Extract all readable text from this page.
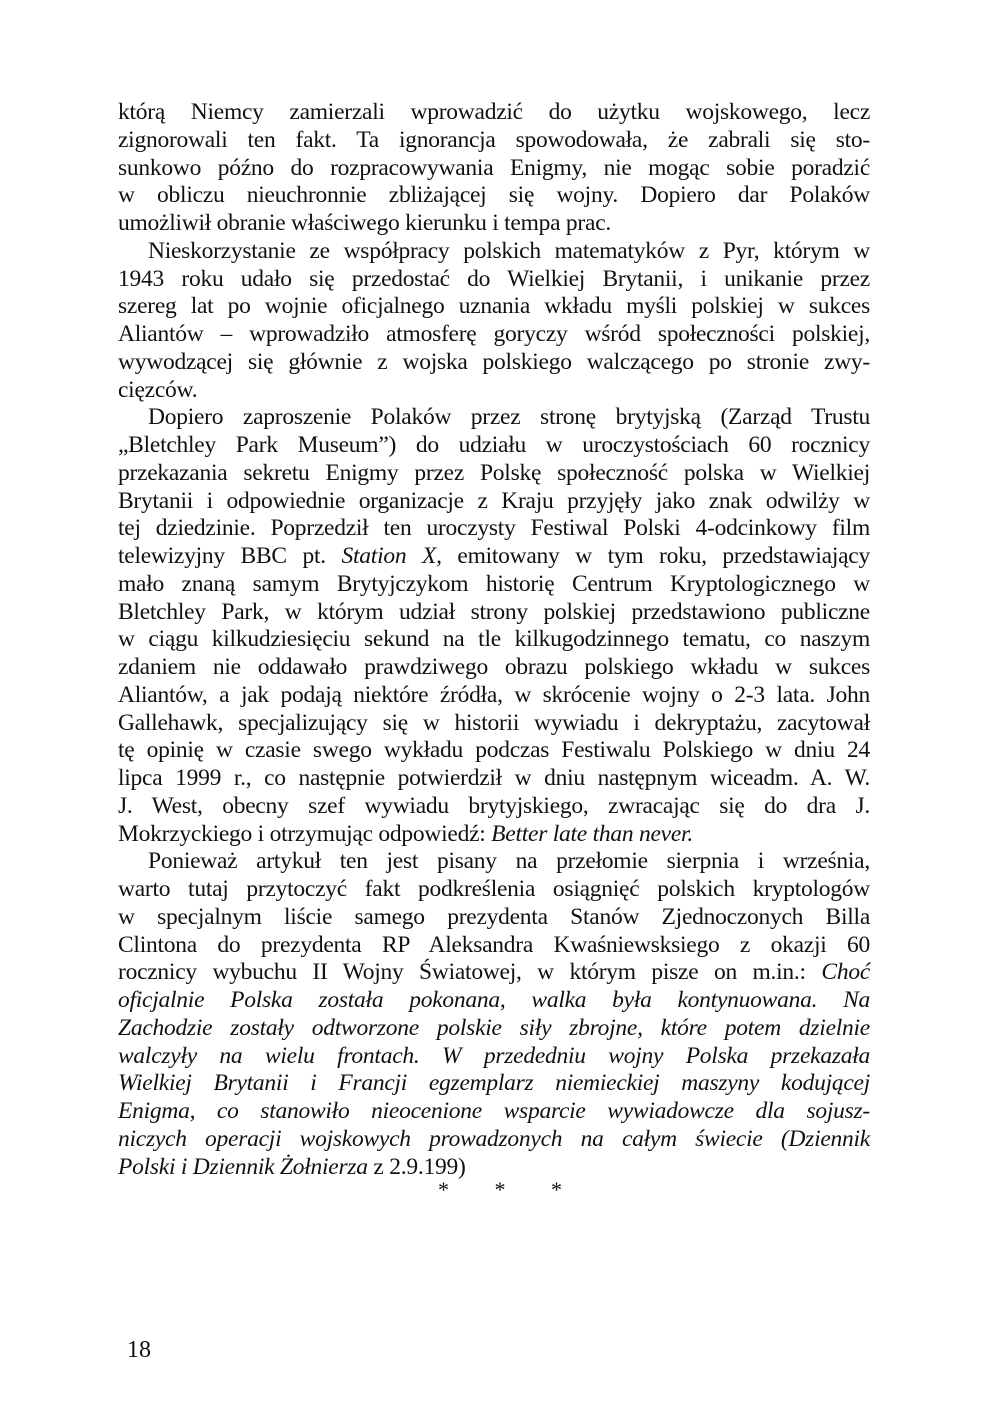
którą Niemcy zamierzali wprowadzić do użytku wojskowego, lecz
zignorowali ten fakt. Ta ignorancja spowodowała, że zabrali się sto-
sunkowo późno do rozpracowywania Enigmy, nie mogąc sobie poradzić
w obliczu nieuchronnie zbliżającej się wojny. Dopiero dar Polaków
umożliwił obranie właściwego kierunku i tempa prac.
Nieskorzystanie ze współpracy polskich matematyków z Pyr, którym w
1943 roku udało się przedostać do Wielkiej Brytanii, i unikanie przez
szereg lat po wojnie oficjalnego uznania wkładu myśli polskiej w sukces
Aliantów – wprowadziło atmosferę goryczy wśród społeczności polskiej,
wywodzącej się głównie z wojska polskiego walczącego po stronie zwy-
cięzców.
Dopiero zaproszenie Polaków przez stronę brytyjską (Zarząd Trustu
„Bletchley Park Museum”) do udziału w uroczystościach 60 rocznicy
przekazania sekretu Enigmy przez Polskę społeczność polska w Wielkiej
Brytanii i odpowiednie organizacje z Kraju przyjęły jako znak odwilży w
tej dziedzinie. Poprzedził ten uroczysty Festiwal Polski 4-odcinkowy film
telewizyjny BBC pt. Station X, emitowany w tym roku, przedstawiający
mało znaną samym Brytyjczykom historię Centrum Kryptologicznego w
Bletchley Park, w którym udział strony polskiej przedstawiono publiczne
w ciągu kilkudziesięciu sekund na tle kilkugodzinnego tematu, co naszym
zdaniem nie oddawało prawdziwego obrazu polskiego wkładu w sukces
Aliantów, a jak podają niektóre źródła, w skrócenie wojny o 2-3 lata. John
Gallehawk, specjalizujący się w historii wywiadu i dekryptażu, zacytował
tę opinię w czasie swego wykładu podczas Festiwalu Polskiego w dniu 24
lipca 1999 r., co następnie potwierdził w dniu następnym wiceadm. A. W.
J. West, obecny szef wywiadu brytyjskiego, zwracając się do dra J.
Mokrzyckiego i otrzymując odpowiedź: Better late than never.
Ponieważ artykuł ten jest pisany na przełomie sierpnia i września,
warto tutaj przytoczyć fakt podkreślenia osiągnięć polskich kryptologów
w specjalnym liście samego prezydenta Stanów Zjednoczonych Billa
Clintona do prezydenta RP Aleksandra Kwaśniewsksiego z okazji 60
rocznicy wybuchu II Wojny Światowej, w którym pisze on m.in.: Choć
oficjalnie Polska została pokonana, walka była kontynuowana. Na
Zachodzie zostały odtworzone polskie siły zbrojne, które potem dzielnie
walczyły na wielu frontach. W przededniu wojny Polska przekazała
Wielkiej Brytanii i Francji egzemplarz niemieckiej maszyny kodującej
Enigma, co stanowiło nieocenione wsparcie wywiadowcze dla sojusz-
niczych operacji wojskowych prowadzonych na całym świecie (Dziennik
Polski i Dziennik Żołnierza z 2.9.199)
* * *
18
